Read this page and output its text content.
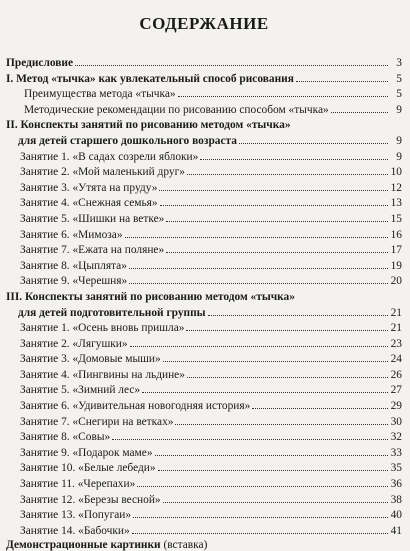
СОДЕРЖАНИЕ
Предисловие	3
I. Метод «тычка» как увлекательный способ рисования	5
Преимущества метода «тычка»	5
Методические рекомендации по рисованию способом «тычка»	9
II. Конспекты занятий по рисованию методом «тычка»
для детей старшего дошкольного возраста	9
Занятие 1. «В садах созрели яблоки»	9
Занятие 2. «Мой маленький друг»	10
Занятие 3. «Утята на пруду»	12
Занятие 4. «Снежная семья»	13
Занятие 5. «Шишки на ветке»	15
Занятие 6. «Мимоза»	16
Занятие 7. «Ежата на поляне»	17
Занятие 8. «Цыплята»	19
Занятие 9. «Черешня»	20
III. Конспекты занятий по рисованию методом «тычка»
для детей подготовительной группы	21
Занятие 1. «Осень вновь пришла»	21
Занятие 2. «Лягушки»	23
Занятие 3. «Домовые мыши»	24
Занятие 4. «Пингвины на льдине»	26
Занятие 5. «Зимний лес»	27
Занятие 6. «Удивительная новогодняя история»	29
Занятие 7. «Снегири на ветках»	30
Занятие 8. «Совы»	32
Занятие 9. «Подарок маме»	33
Занятие 10. «Белые лебеди»	35
Занятие 11. «Черепахи»	36
Занятие 12. «Березы весной»	38
Занятие 13. «Попугаи»	40
Занятие 14. «Бабочки»	41
Демонстрационные картинки (вставка)
